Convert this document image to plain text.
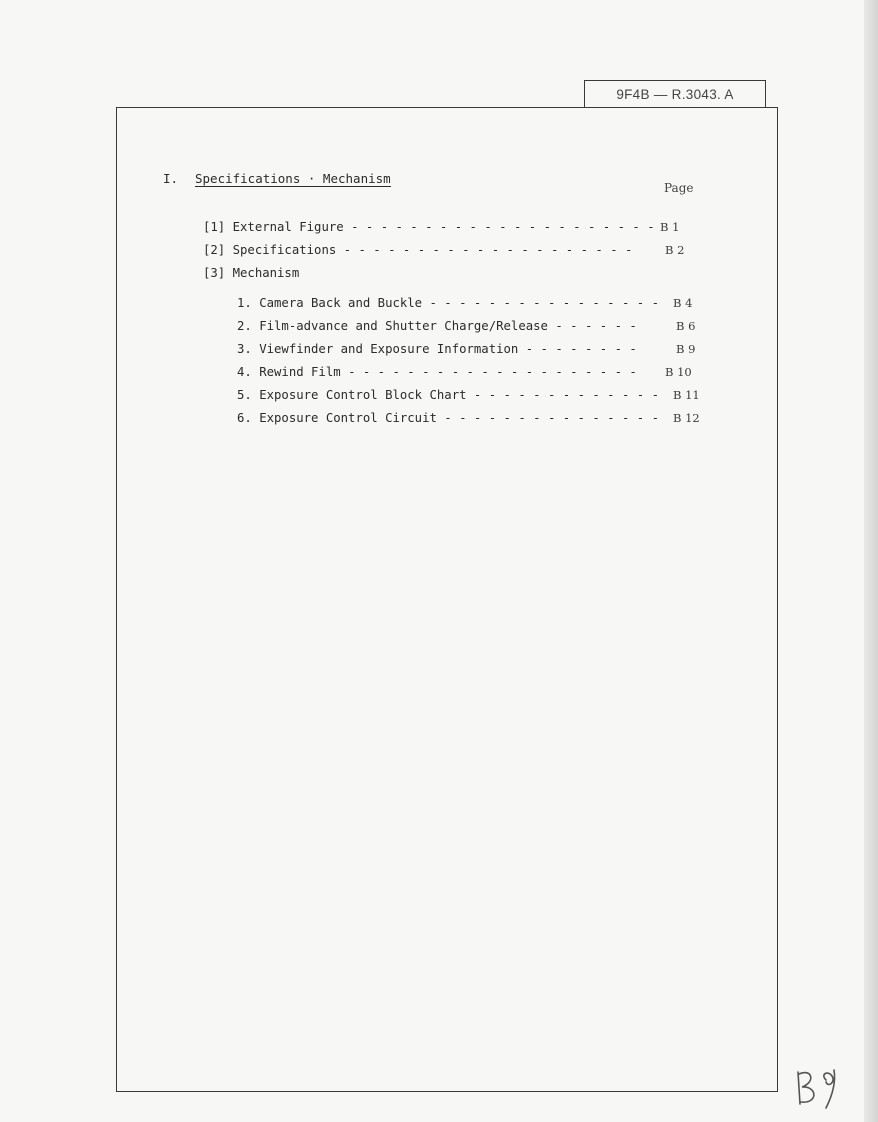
9F4B — R.3043. A
I. Specifications · Mechanism
Page
[1] External Figure - - - - - - - - - - - - - - - - - - - - - B 1
[2] Specifications - - - - - - - - - - - - - - - - - - - -	B 2
[3] Mechanism
1. Camera Back and Buckle - - - - - - - - - - - - - - - - B 4
2. Film-advance and Shutter Charge/Release - - - - - -	B 6
3. Viewfinder and Exposure Information - - - - - - - -	B 9
4. Rewind Film - - - - - - - - - - - - - - - - - - - - B 10
5. Exposure Control Block Chart - - - - - - - - - - - - - B 11
6. Exposure Control Circuit - - - - - - - - - - - - - - - B 12
